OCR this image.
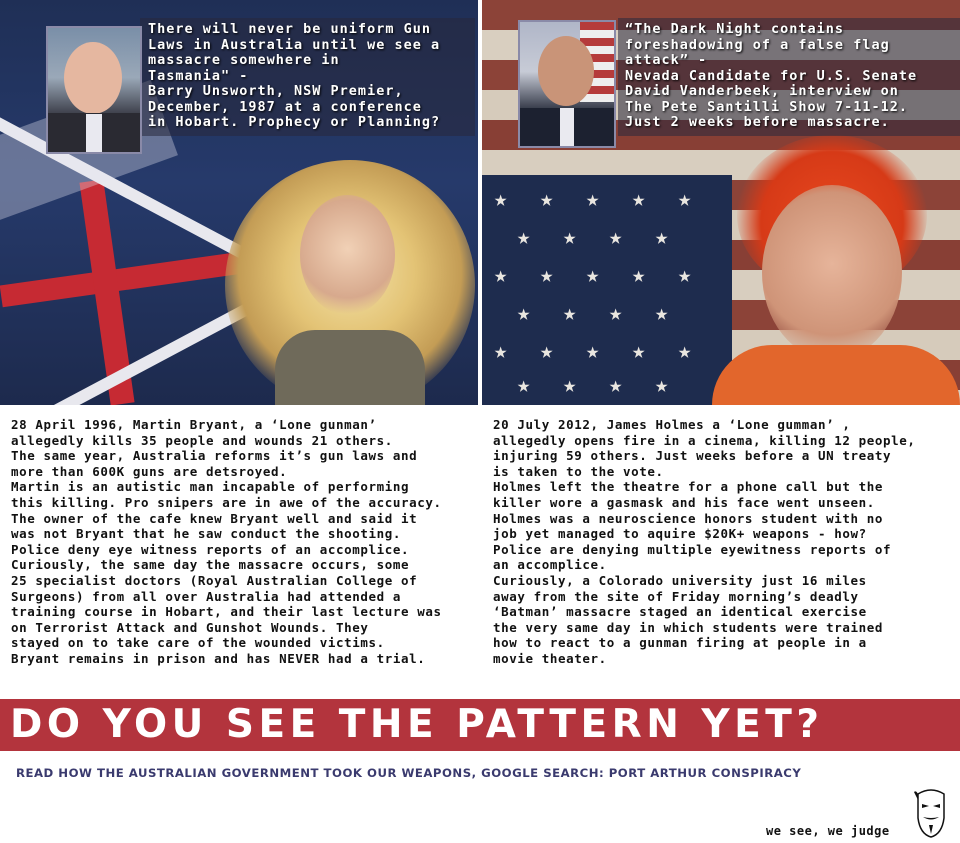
There will never be uniform Gun
Laws in Australia until we see a
massacre somewhere in
Tasmania" -
Barry Unsworth, NSW Premier,
December, 1987 at a conference
in Hobart. Prophecy or Planning?
★ ★ ★ ★ ★
★ ★ ★ ★
★ ★ ★ ★ ★
★ ★ ★ ★
★ ★ ★ ★ ★
★ ★ ★ ★
“The Dark Night contains
foreshadowing of a false flag
attack” -
Nevada Candidate for U.S. Senate
David Vanderbeek, interview on
The Pete Santilli Show 7-11-12.
Just 2 weeks before massacre.
28 April 1996, Martin Bryant, a ‘Lone gunman’
allegedly kills 35 people and wounds 21 others.
The same year, Australia reforms it’s gun laws and
more than 600K guns are detsroyed.
Martin is an autistic man incapable of performing
this killing. Pro snipers are in awe of the accuracy.
The owner of the cafe knew Bryant well and said it
was not Bryant that he saw conduct the shooting.
Police deny eye witness reports of an accomplice.
Curiously, the same day the massacre occurs, some
25 specialist doctors (Royal Australian College of
Surgeons) from all over Australia had attended a
training course in Hobart, and their last lecture was
on Terrorist Attack and Gunshot Wounds. They
stayed on to take care of the wounded victims.
Bryant remains in prison and has NEVER had a trial.
20 July 2012, James Holmes a ‘Lone gumman’ ,
allegedly opens fire in a cinema, killing 12 people,
injuring 59 others. Just weeks before a UN treaty
is taken to the vote.
Holmes left the theatre for a phone call but the
killer wore a gasmask and his face went unseen.
Holmes was a neuroscience honors student with no
job yet managed to aquire $20K+ weapons - how?
Police are denying multiple eyewitness reports of
an accomplice.
Curiously, a Colorado university just 16 miles
away from the site of Friday morning’s deadly
‘Batman’ massacre staged an identical exercise
the very same day in which students were trained
how to react to a gunman firing at people in a
movie theater.
DO YOU SEE THE PATTERN YET?
READ HOW THE AUSTRALIAN GOVERNMENT TOOK OUR WEAPONS, GOOGLE SEARCH: PORT ARTHUR CONSPIRACY
we see, we judge
